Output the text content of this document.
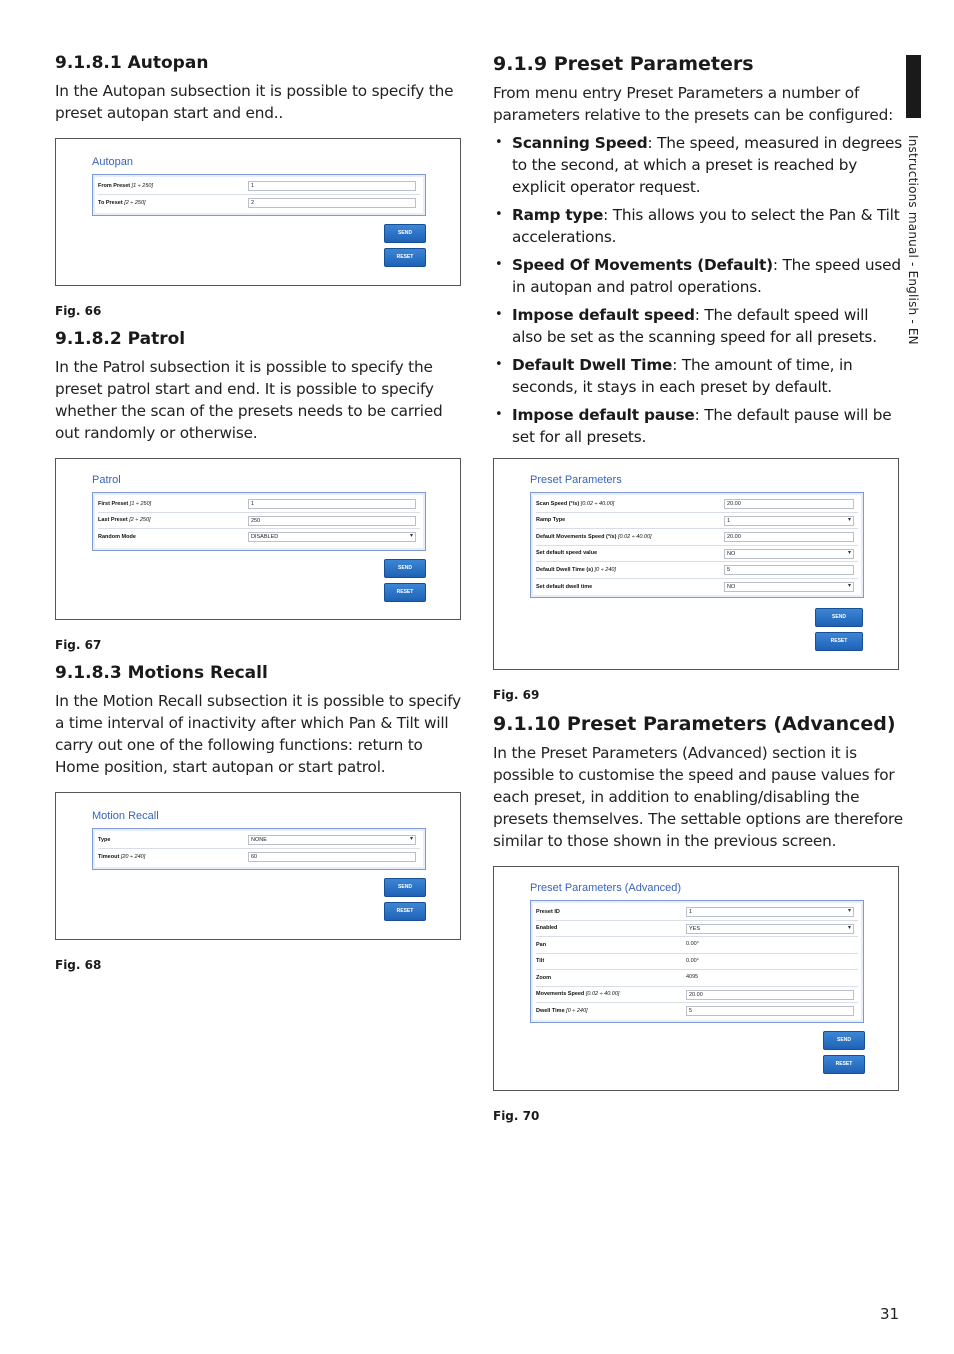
Instructions manual - English - EN
9.1.8.1 Autopan

In the Autopan subsection it is possible to specify the preset autopan start and end..

Autopan
From Preset [1 ÷ 250]	1
To Preset [2 ÷ 250]	2
SEND
RESET
Fig. 66
9.1.8.2 Patrol

In the Patrol subsection it is possible to specify the preset patrol start and end. It is possible to specify whether the scan of the presets needs to be carried out randomly or otherwise.

Patrol
First Preset [1 ÷ 250]	1
Last Preset [2 ÷ 250]	250
Random Mode	DISABLED ▾
SEND
RESET
Fig. 67
9.1.8.3 Motions Recall

In the Motion Recall subsection it is possible to specify a time interval of inactivity after which Pan & Tilt will carry out one of the following functions: return to Home position, start autopan or start patrol.

Motion Recall
Type	NONE ▾
Timeout [20 ÷ 240]	60
SEND
RESET
Fig. 68
9.1.9 Preset Parameters

From menu entry Preset Parameters a number of parameters relative to the presets can be configured:

• Scanning Speed: The speed, measured in degrees to the second, at which a preset is reached by explicit operator request.
• Ramp type: This allows you to select the Pan & Tilt accelerations.
• Speed Of Movements (Default): The speed used in autopan and patrol operations.
• Impose default speed: The default speed will also be set as the scanning speed for all presets.
• Default Dwell Time: The amount of time, in seconds, it stays in each preset by default.
• Impose default pause: The default pause will be set for all presets.
Preset Parameters
Scan Speed (°/s) [0.02 ÷ 40.00]	20.00
Ramp Type	1 ▾
Default Movements Speed (°/s) [0.02 ÷ 40.00]	20.00
Set default speed value	NO ▾
Default Dwell Time (s) [0 ÷ 240]	5
Set default dwell time	NO ▾
SEND
RESET
Fig. 69
9.1.10 Preset Parameters (Advanced)

In the Preset Parameters (Advanced) section it is possible to customise the speed and pause values for each preset, in addition to enabling/disabling the presets themselves. The settable options are therefore similar to those shown in the previous screen.

Preset Parameters (Advanced)
Preset ID	1 ▾
Enabled	YES ▾
Pan	0.00°
Tilt	0.00°
Zoom	4095
Movements Speed [0.02 ÷ 40.00]	20.00
Dwell Time [0 ÷ 240]	5
SEND
RESET
Fig. 70
31
